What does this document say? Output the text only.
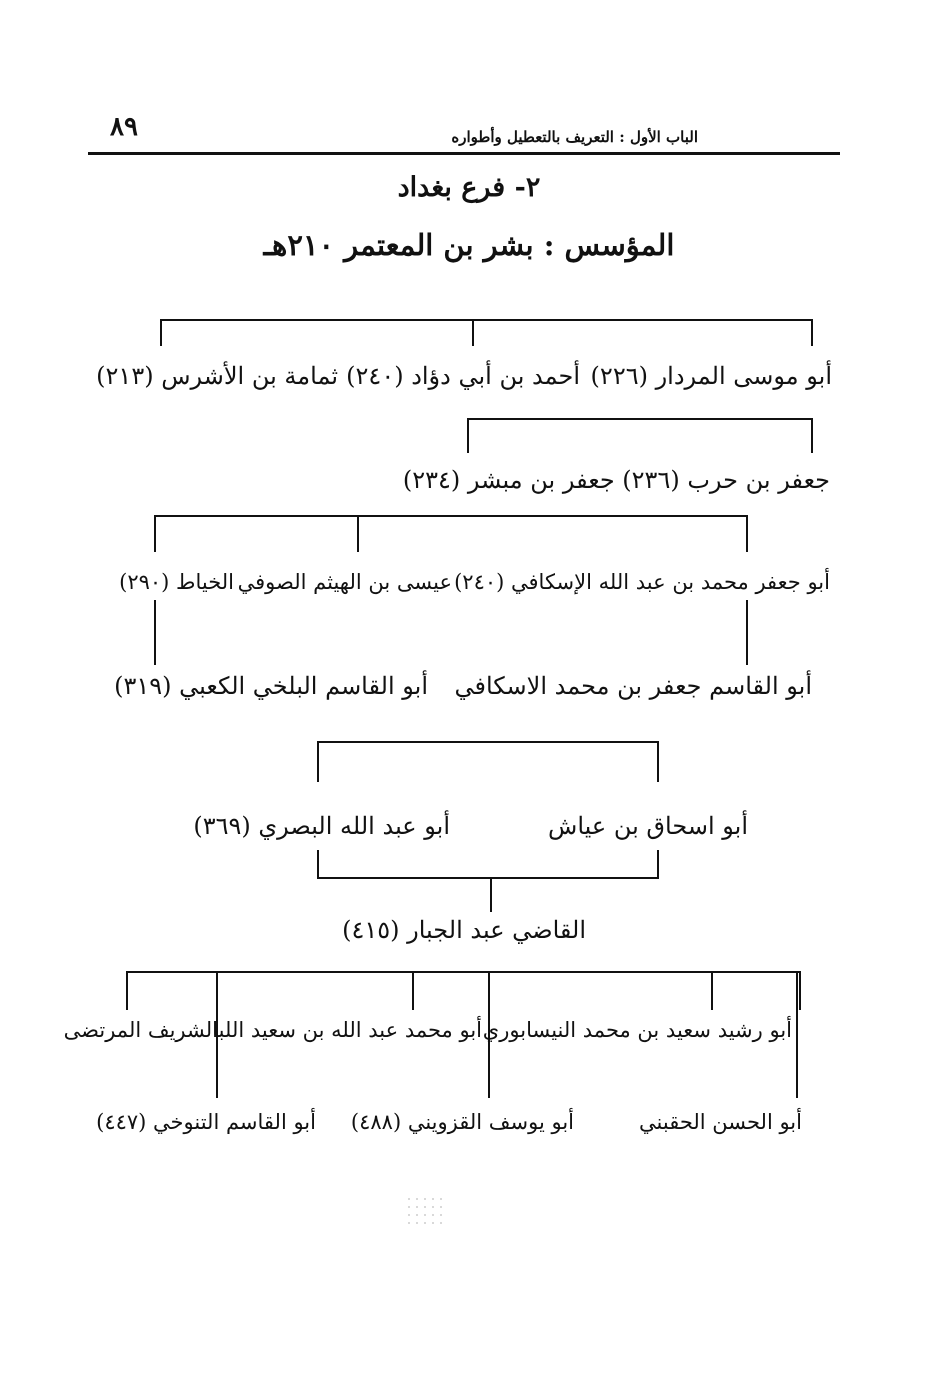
٨٩	الباب الأول : التعريف بالتعطيل وأطواره
٢- فرع بغداد
المؤسس : بشر بن المعتمر ٢١٠هـ
أبو موسى المردار (٢٢٦)
أحمد بن أبي دؤاد (٢٤٠)
ثمامة بن الأشرس (٢١٣)
جعفر بن حرب (٢٣٦) جعفر بن مبشر (٢٣٤)
أبو جعفر محمد بن عبد الله الإسكافي (٢٤٠)
عيسى بن الهيثم الصوفي
الخياط (٢٩٠)
أبو القاسم جعفر بن محمد الاسكافي
أبو القاسم البلخي الكعبي (٣١٩)
أبو اسحاق بن عياش
أبو عبد الله البصري (٣٦٩)
القاضي عبد الجبار (٤١٥)
أبو رشيد سعيد بن محمد النيسابوري
أبو محمد عبد الله بن سعيد اللبا
الشريف المرتضى
أبو الحسن الحقبني
أبو يوسف القزويني (٤٨٨)
أبو القاسم التنوخي (٤٤٧)
